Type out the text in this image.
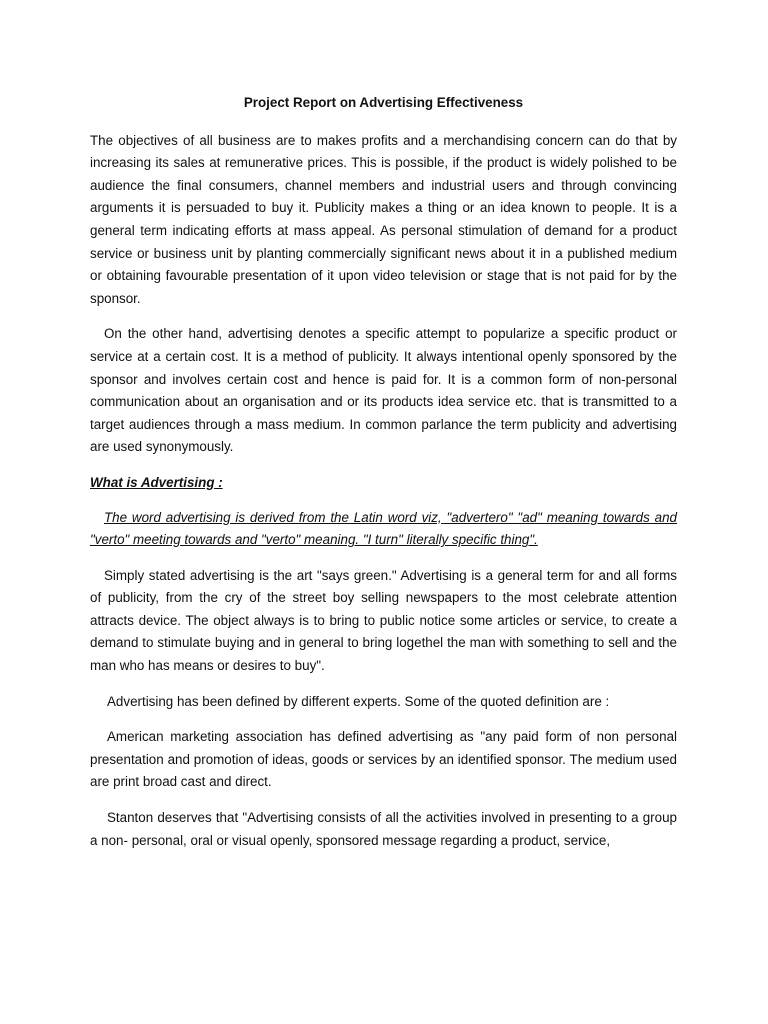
Project Report on Advertising Effectiveness

The objectives of all business are to makes profits and a merchandising concern can do that by increasing its sales at remunerative prices. This is possible, if the product is widely polished to be audience the final consumers, channel members and industrial users and through convincing arguments it is persuaded to buy it. Publicity makes a thing or an idea known to people. It is a general term indicating efforts at mass appeal. As personal stimulation of demand for a product service or business unit by planting commercially significant news about it in a published medium or obtaining favourable presentation of it upon video television or stage that is not paid for by the sponsor.

On the other hand, advertising denotes a specific attempt to popularize a specific product or service at a certain cost. It is a method of publicity. It always intentional openly sponsored by the sponsor and involves certain cost and hence is paid for. It is a common form of non-personal communication about an organisation and or its products idea service etc. that is transmitted to a target audiences through a mass medium. In common parlance the term publicity and advertising are used synonymously.

What is Advertising :

The word advertising is derived from the Latin word viz, "advertero" "ad" meaning towards and "verto" meeting towards and "verto" meaning. "I turn" literally specific thing".

Simply stated advertising is the art "says green." Advertising is a general term for and all forms of publicity, from the cry of the street boy selling newspapers to the most celebrate attention attracts device. The object always is to bring to public notice some articles or service, to create a demand to stimulate buying and in general to bring logethel the man with something to sell and the man who has means or desires to buy".

Advertising has been defined by different experts. Some of the quoted definition are :

American marketing association has defined advertising as "any paid form of non personal presentation and promotion of ideas, goods or services by an identified sponsor. The medium used are print broad cast and direct.

Stanton deserves that "Advertising consists of all the activities involved in presenting to a group a non- personal, oral or visual openly, sponsored message regarding a product, service,
